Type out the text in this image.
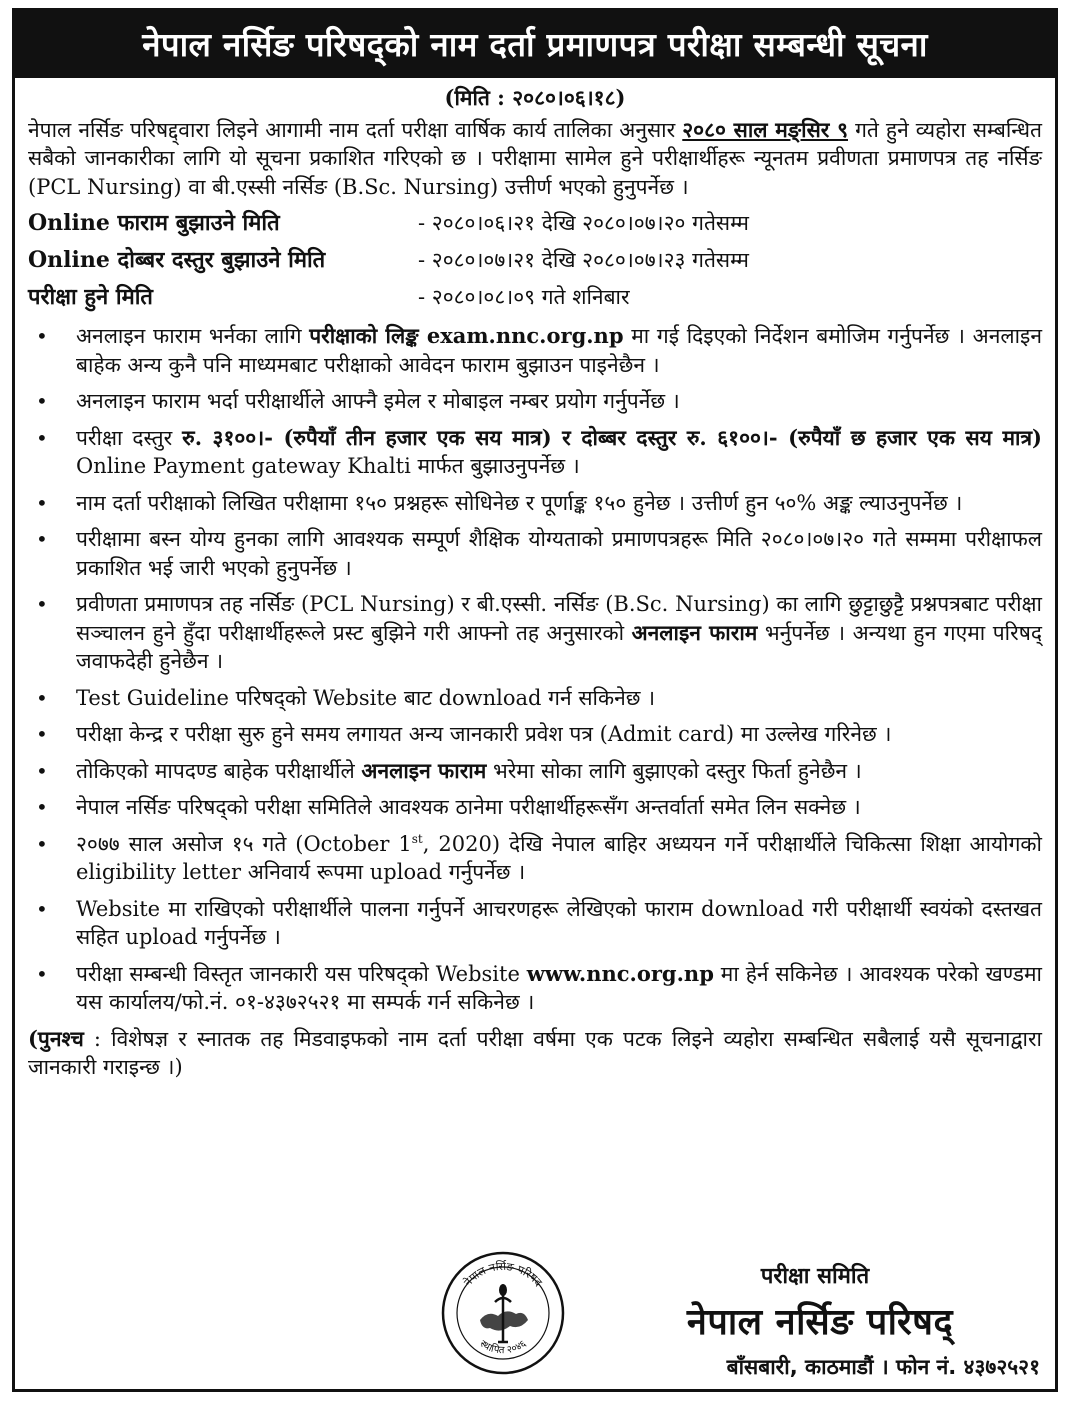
नेपाल नर्सिङ परिषद्को नाम दर्ता प्रमाणपत्र परीक्षा सम्बन्धी सूचना
(मिति : २०८०।०६।१८)
नेपाल नर्सिङ परिषद्द्वारा लिइने आगामी नाम दर्ता परीक्षा वार्षिक कार्य तालिका अनुसार २०८० साल मङ्सिर ९ गते हुने व्यहोरा सम्बन्धित सबैको जानकारीका लागि यो सूचना प्रकाशित गरिएको छ । परीक्षामा सामेल हुने परीक्षार्थीहरू न्यूनतम प्रवीणता प्रमाणपत्र तह नर्सिङ (PCL Nursing) वा बी.एस्सी नर्सिङ (B.Sc. Nursing) उत्तीर्ण भएको हुनुपर्नेछ ।
Online फाराम बुझाउने मिति	- २०८०।०६।२१ देखि २०८०।०७।२० गतेसम्म
Online दोब्बर दस्तुर बुझाउने मिति	- २०८०।०७।२१ देखि २०८०।०७।२३ गतेसम्म
परीक्षा हुने मिति	- २०८०।०८।०९ गते शनिबार
• अनलाइन फाराम भर्नका लागि परीक्षाको लिङ्क exam.nnc.org.np मा गई दिइएको निर्देशन बमोजिम गर्नुपर्नेछ । अनलाइन बाहेक अन्य कुनै पनि माध्यमबाट परीक्षाको आवेदन फाराम बुझाउन पाइनेछैन ।
• अनलाइन फाराम भर्दा परीक्षार्थीले आफ्नै इमेल र मोबाइल नम्बर प्रयोग गर्नुपर्नेछ ।
• परीक्षा दस्तुर रु. ३१००।- (रुपैयाँ तीन हजार एक सय मात्र) र दोब्बर दस्तुर रु. ६१००।- (रुपैयाँ छ हजार एक सय मात्र) Online Payment gateway Khalti मार्फत बुझाउनुपर्नेछ ।
• नाम दर्ता परीक्षाको लिखित परीक्षामा १५० प्रश्नहरू सोधिनेछ र पूर्णाङ्क १५० हुनेछ । उत्तीर्ण हुन ५०% अङ्क ल्याउनुपर्नेछ ।
• परीक्षामा बस्न योग्य हुनका लागि आवश्यक सम्पूर्ण शैक्षिक योग्यताको प्रमाणपत्रहरू मिति २०८०।०७।२० गते सम्ममा परीक्षाफल प्रकाशित भई जारी भएको हुनुपर्नेछ ।
• प्रवीणता प्रमाणपत्र तह नर्सिङ (PCL Nursing) र बी.एस्सी. नर्सिङ (B.Sc. Nursing) का लागि छुट्टाछुट्टै प्रश्नपत्रबाट परीक्षा सञ्चालन हुने हुँदा परीक्षार्थीहरूले प्रस्ट बुझिने गरी आफ्नो तह अनुसारको अनलाइन फाराम भर्नुपर्नेछ । अन्यथा हुन गएमा परिषद् जवाफदेही हुनेछैन ।
• Test Guideline परिषद्को Website बाट download गर्न सकिनेछ ।
• परीक्षा केन्द्र र परीक्षा सुरु हुने समय लगायत अन्य जानकारी प्रवेश पत्र (Admit card) मा उल्लेख गरिनेछ ।
• तोकिएको मापदण्ड बाहेक परीक्षार्थीले अनलाइन फाराम भरेमा सोका लागि बुझाएको दस्तुर फिर्ता हुनेछैन ।
• नेपाल नर्सिङ परिषद्को परीक्षा समितिले आवश्यक ठानेमा परीक्षार्थीहरूसँग अन्तर्वार्ता समेत लिन सक्नेछ ।
• २०७७ साल असोज १५ गते (October 1st, 2020) देखि नेपाल बाहिर अध्ययन गर्ने परीक्षार्थीले चिकित्सा शिक्षा आयोगको eligibility letter अनिवार्य रूपमा upload गर्नुपर्नेछ ।
• Website मा राखिएको परीक्षार्थीले पालना गर्नुपर्ने आचरणहरू लेखिएको फाराम download गरी परीक्षार्थी स्वयंको दस्तखत सहित upload गर्नुपर्नेछ ।
• परीक्षा सम्बन्धी विस्तृत जानकारी यस परिषद्को Website www.nnc.org.np मा हेर्न सकिनेछ । आवश्यक परेको खण्डमा यस कार्यालय/फो.नं. ०१-४३७२५२१ मा सम्पर्क गर्न सकिनेछ ।
(पुनश्च : विशेषज्ञ र स्नातक तह मिडवाइफको नाम दर्ता परीक्षा वर्षमा एक पटक लिइने व्यहोरा सम्बन्धित सबैलाई यसै सूचनाद्वारा जानकारी गराइन्छ ।)
नेपाल नर्सिङ परिषद
स्थापित २०४६
परीक्षा समिति
नेपाल नर्सिङ परिषद्
बाँसबारी, काठमाडौं । फोन नं. ४३७२५२१
